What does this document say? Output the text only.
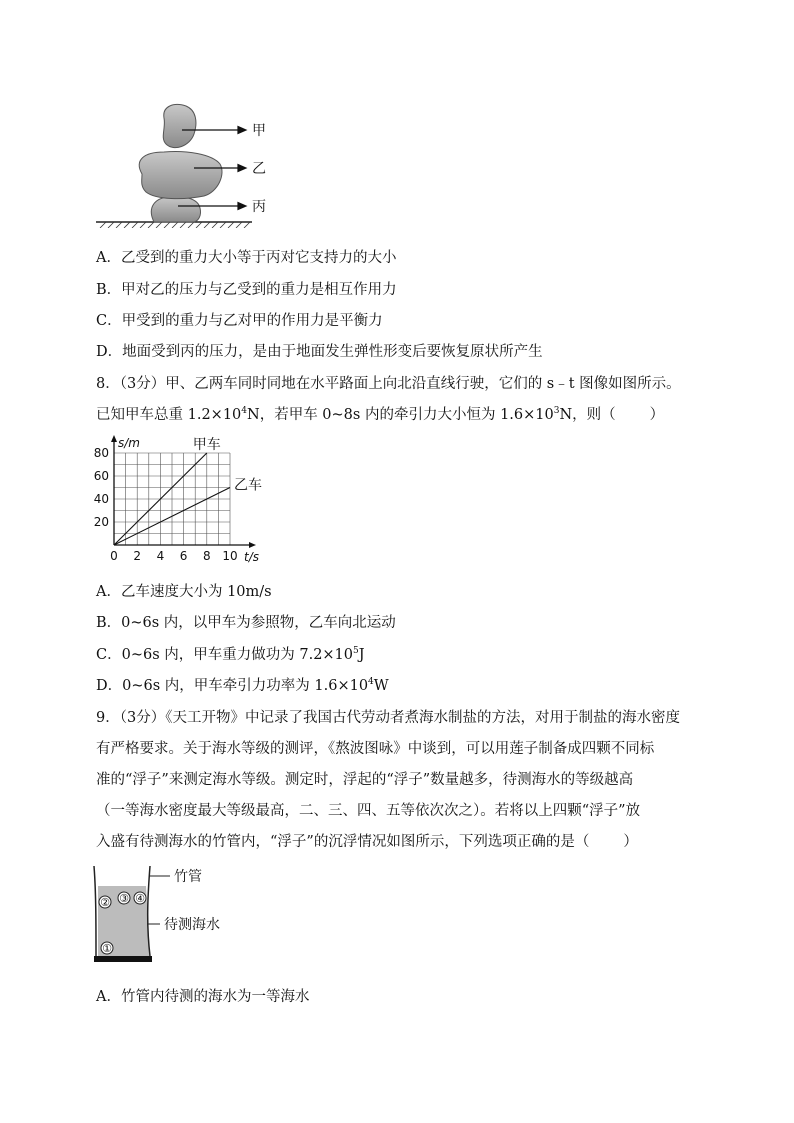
甲
乙
丙
A．乙受到的重力大小等于丙对它支持力的大小
B．甲对乙的压力与乙受到的重力是相互作用力
C．甲受到的重力与乙对甲的作用力是平衡力
D．地面受到丙的压力，是由于地面发生弹性形变后要恢复原状所产生
8．（3分）甲、乙两车同时同地在水平路面上向北沿直线行驶，它们的 s﹣t 图像如图所示。
已知甲车总重 $1.2\times 10^4N$，若甲车 0~8s 内的牵引力大小恒为 $1.6\times 10^3N$，则（ ）
0 2 4 6 8 10
20
40
60
80
s/m
t/s
甲车
乙车
A．乙车速度大小为 10m/s
B．0~6s 内，以甲车为参照物，乙车向北运动
C．0~6s 内，甲车重力做功为 $7.2\times 10^5J$
D．0~6s 内，甲车牵引力功率为 $1.6\times 10^4W$
9．（3分）《天工开物》中记录了我国古代劳动者煮海水制盐的方法，对用于制盐的海水密度
有严格要求。关于海水等级的测评，《熬波图咏》中谈到，可以用莲子制备成四颗不同标
准的“浮子”来测定海水等级。测定时，浮起的“浮子”数量越多，待测海水的等级越高
（一等海水密度最大等级最高，二、三、四、五等依次次之）。若将以上四颗“浮子”放
入盛有待测海水的竹管内，“浮子”的沉浮情况如图所示，下列选项正确的是（ ）
竹管
待测海水
② ③ ④
①
A．竹管内待测的海水为一等海水
